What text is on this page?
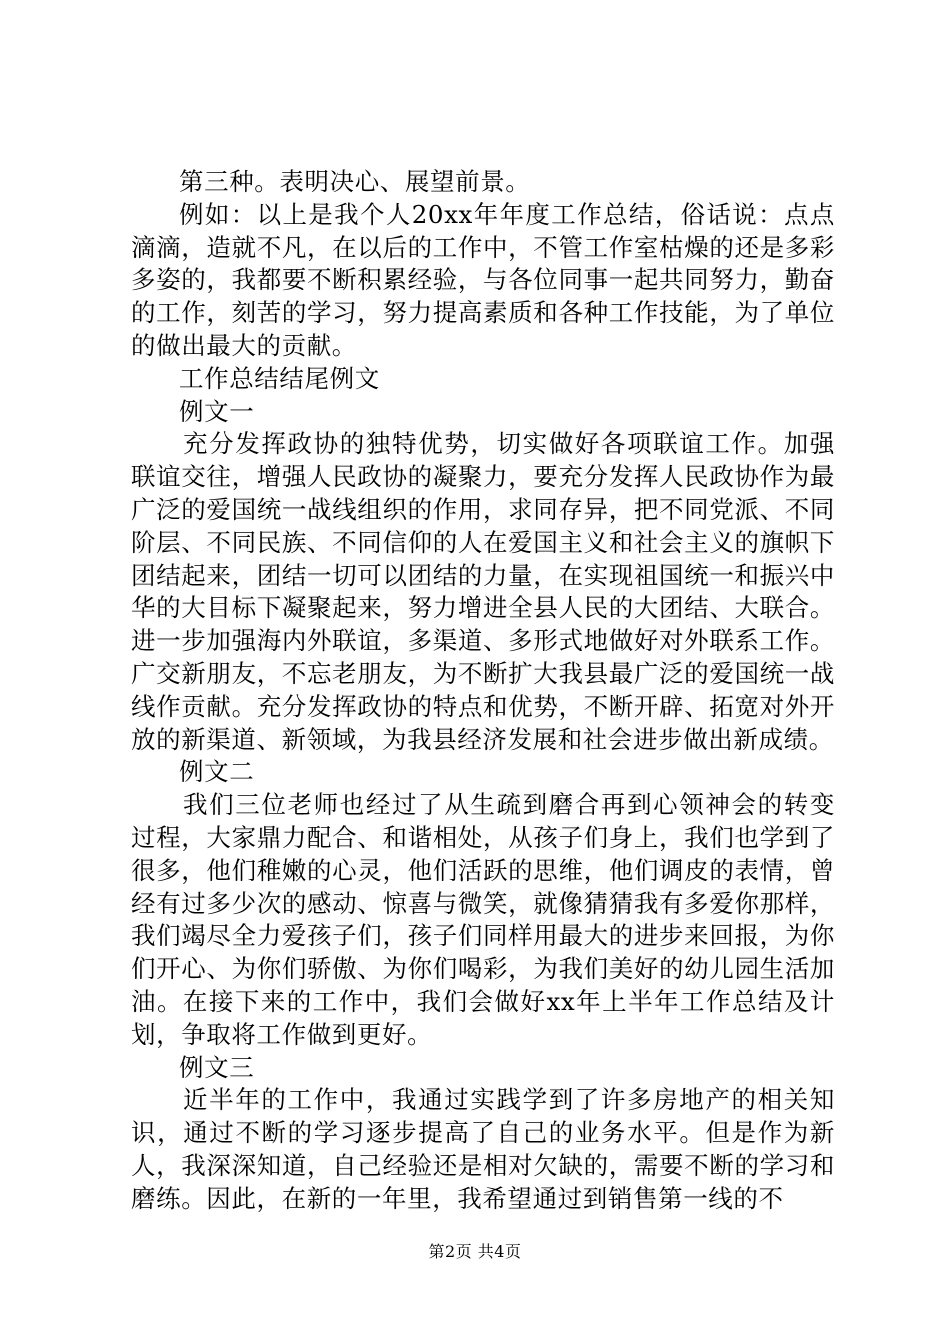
第三种。表明决心、展望前景。

例如：以上是我个人20xx年年度工作总结，俗话说：点点滴滴，造就不凡，在以后的工作中，不管工作室枯燥的还是多彩多姿的，我都要不断积累经验，与各位同事一起共同努力，勤奋的工作，刻苦的学习，努力提高素质和各种工作技能，为了单位的做出最大的贡献。

工作总结结尾例文

例文一

充分发挥政协的独特优势，切实做好各项联谊工作。加强联谊交往，增强人民政协的凝聚力，要充分发挥人民政协作为最广泛的爱国统一战线组织的作用，求同存异，把不同党派、不同阶层、不同民族、不同信仰的人在爱国主义和社会主义的旗帜下团结起来，团结一切可以团结的力量，在实现祖国统一和振兴中华的大目标下凝聚起来，努力增进全县人民的大团结、大联合。进一步加强海内外联谊，多渠道、多形式地做好对外联系工作。广交新朋友，不忘老朋友，为不断扩大我县最广泛的爱国统一战线作贡献。充分发挥政协的特点和优势，不断开辟、拓宽对外开放的新渠道、新领域，为我县经济发展和社会进步做出新成绩。

例文二

我们三位老师也经过了从生疏到磨合再到心领神会的转变过程，大家鼎力配合、和谐相处，从孩子们身上，我们也学到了很多，他们稚嫩的心灵，他们活跃的思维，他们调皮的表情，曾经有过多少次的感动、惊喜与微笑，就像猜猜我有多爱你那样，我们竭尽全力爱孩子们，孩子们同样用最大的进步来回报，为你们开心、为你们骄傲、为你们喝彩，为我们美好的幼儿园生活加油。在接下来的工作中，我们会做好xx年上半年工作总结及计划，争取将工作做到更好。

例文三

近半年的工作中，我通过实践学到了许多房地产的相关知识，通过不断的学习逐步提高了自己的业务水平。但是作为新人，我深深知道，自己经验还是相对欠缺的，需要不断的学习和磨练。因此，在新的一年里，我希望通过到销售第一线的不

第2页 共4页
